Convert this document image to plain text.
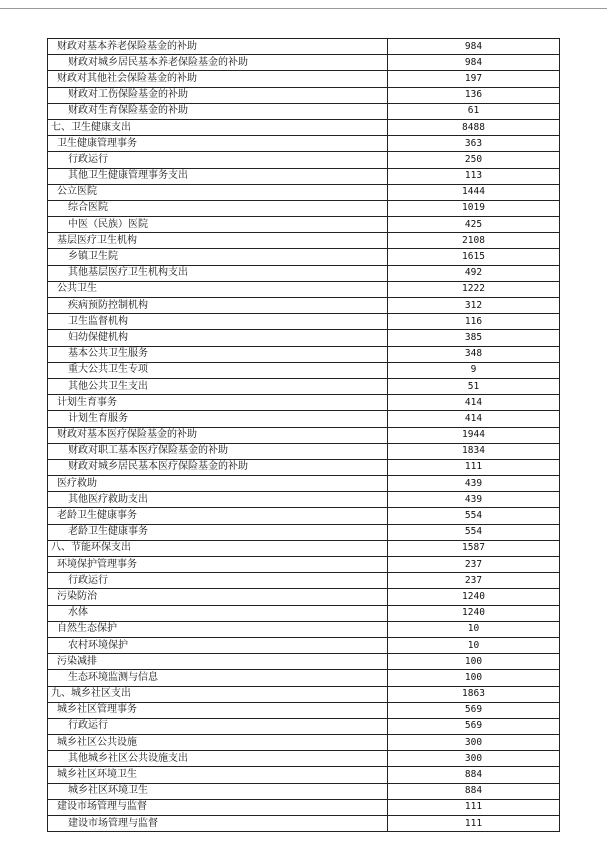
财政对基本养老保险基金的补助	984
财政对城乡居民基本养老保险基金的补助	984
财政对其他社会保险基金的补助	197
财政对工伤保险基金的补助	136
财政对生育保险基金的补助	61
七、卫生健康支出	8488
卫生健康管理事务	363
行政运行	250
其他卫生健康管理事务支出	113
公立医院	1444
综合医院	1019
中医（民族）医院	425
基层医疗卫生机构	2108
乡镇卫生院	1615
其他基层医疗卫生机构支出	492
公共卫生	1222
疾病预防控制机构	312
卫生监督机构	116
妇幼保健机构	385
基本公共卫生服务	348
重大公共卫生专项	9
其他公共卫生支出	51
计划生育事务	414
计划生育服务	414
财政对基本医疗保险基金的补助	1944
财政对职工基本医疗保险基金的补助	1834
财政对城乡居民基本医疗保险基金的补助	111
医疗救助	439
其他医疗救助支出	439
老龄卫生健康事务	554
老龄卫生健康事务	554
八、节能环保支出	1587
环境保护管理事务	237
行政运行	237
污染防治	1240
水体	1240
自然生态保护	10
农村环境保护	10
污染减排	100
生态环境监测与信息	100
九、城乡社区支出	1863
城乡社区管理事务	569
行政运行	569
城乡社区公共设施	300
其他城乡社区公共设施支出	300
城乡社区环境卫生	884
城乡社区环境卫生	884
建设市场管理与监督	111
建设市场管理与监督	111
